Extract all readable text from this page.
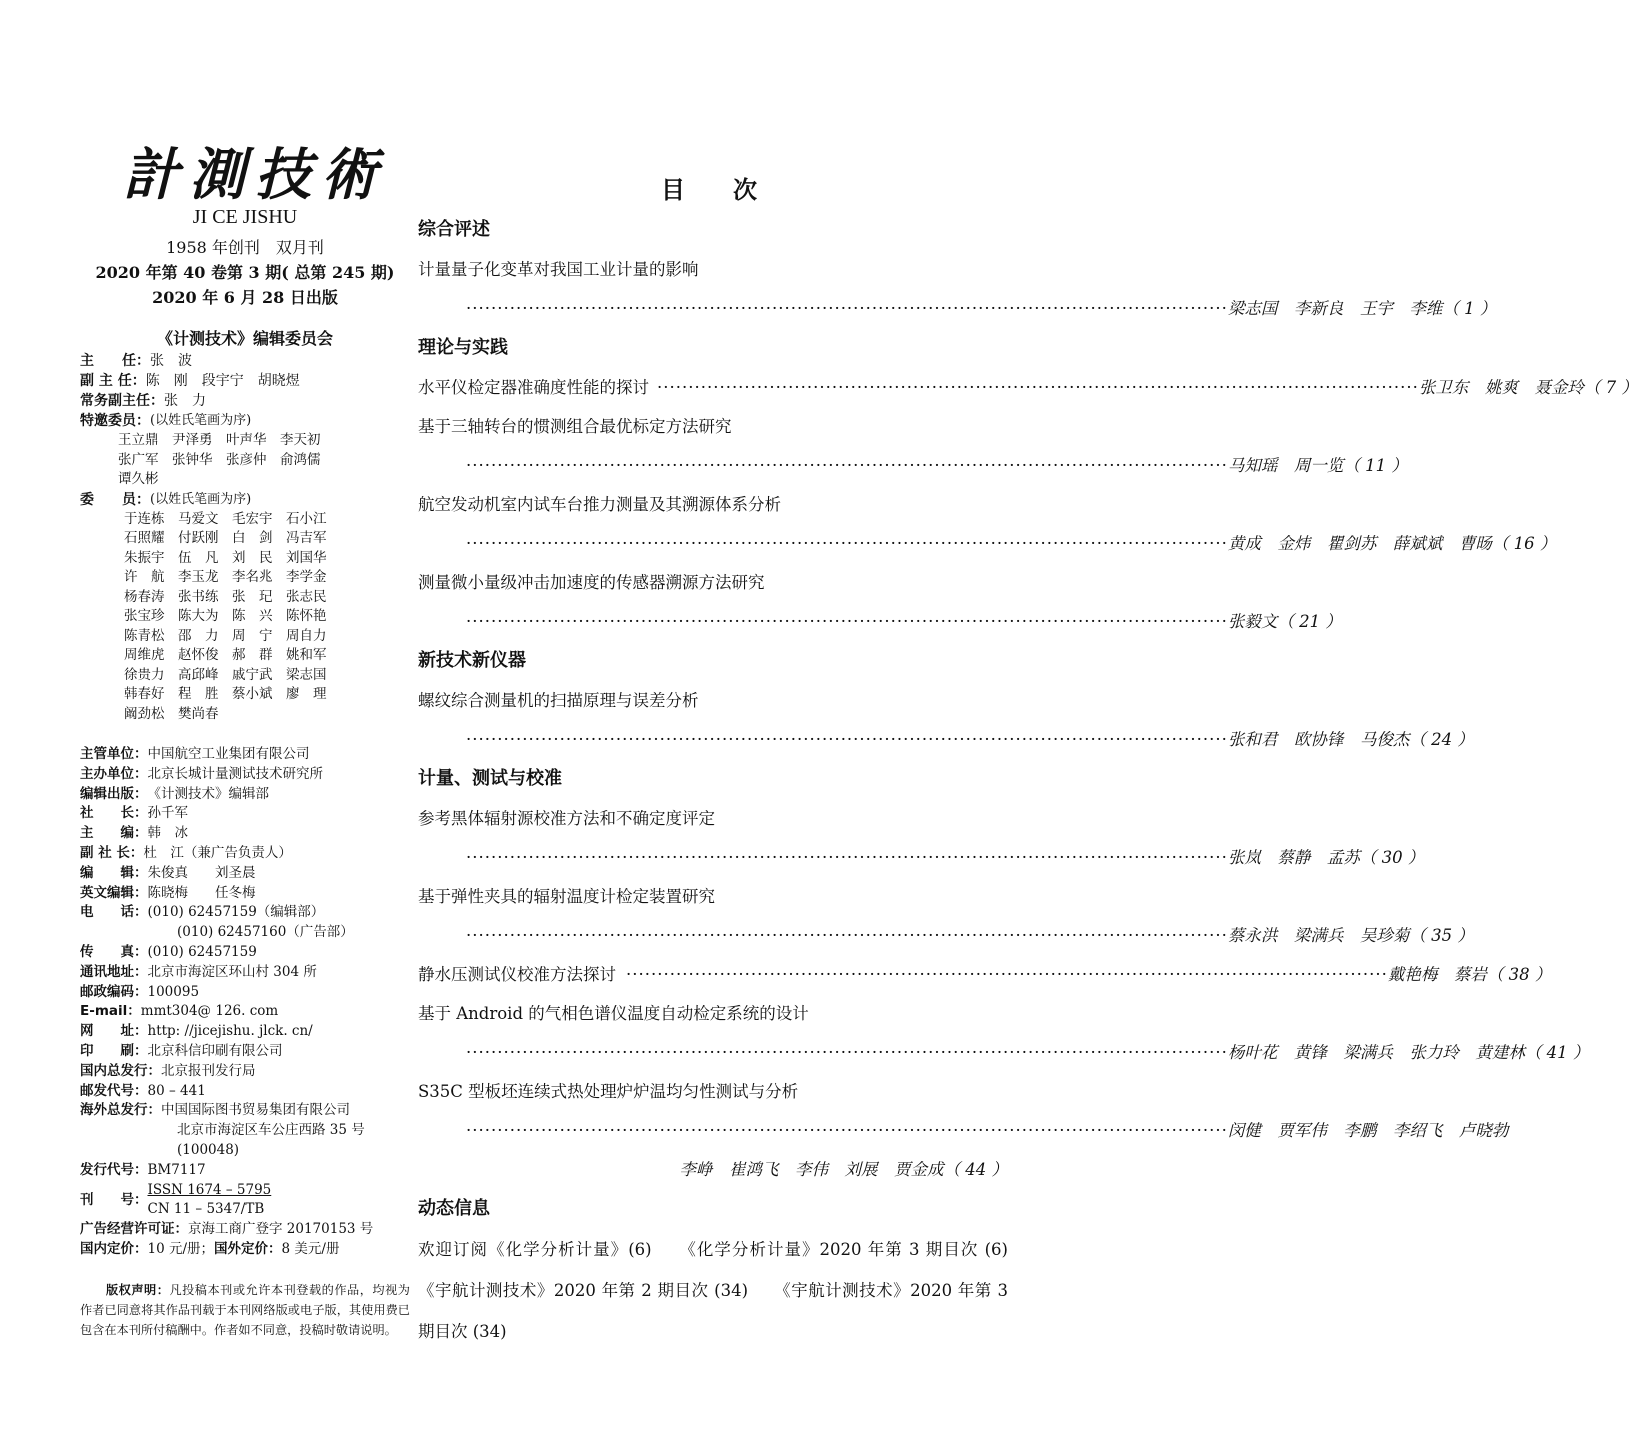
計測技術
JI CE JISHU
1958 年创刊　双月刊
2020 年第 40 卷第 3 期( 总第 245 期)
2020 年 6 月 28 日出版
《计测技术》编辑委员会
主　　任： 张　波
副 主 任： 陈　刚　段宇宁　胡晓煜
常务副主任： 张　力
特邀委员： (以姓氏笔画为序)
王立鼎　尹泽勇　叶声华　李天初
张广军　张钟华　张彦仲　俞鸿儒
谭久彬
委　　员： (以姓氏笔画为序)
于连栋　马爱文　毛宏宇　石小江
石照耀　付跃刚　白　剑　冯吉军
朱振宇　伍　凡　刘　民　刘国华
许　航　李玉龙　李名兆　李学金
杨春涛　张书练　张　玘　张志民
张宝珍　陈大为　陈　兴　陈怀艳
陈青松　邵　力　周　宁　周自力
周维虎　赵怀俊　郝　群　姚和军
徐贵力　高邱峰　戚宁武　梁志国
韩春好　程　胜　蔡小斌　廖　理
阚劲松　樊尚春
主管单位： 中国航空工业集团有限公司
主办单位： 北京长城计量测试技术研究所
编辑出版： 《计测技术》编辑部
社　　长： 孙千军
主　　编： 韩　冰
副 社 长： 杜　江（兼广告负责人）
编　　辑： 朱俊真　　刘圣晨
英文编辑： 陈晓梅　　任冬梅
电　　话： (010) 62457159（编辑部）
(010) 62457160（广告部）
传　　真： (010) 62457159
通讯地址： 北京市海淀区环山村 304 所
邮政编码： 100095
E-mail： mmt304@ 126. com
网　　址： http: //jicejishu. jlck. cn/
印　　刷： 北京科信印刷有限公司
国内总发行： 北京报刊发行局
邮发代号： 80 – 441
海外总发行： 中国国际图书贸易集团有限公司
北京市海淀区车公庄西路 35 号
(100048)
发行代号： BM7117
刊　　号：
ISSN 1674 – 5795
CN 11 – 5347/TB
广告经营许可证： 京海工商广登字 20170153 号
国内定价： 10 元/册； 国外定价： 8 美元/册
版权声明：凡投稿本刊或允许本刊登载的作品，均视为作者已同意将其作品刊载于本刊网络版或电子版，其使用费已包含在本刊所付稿酬中。作者如不同意，投稿时敬请说明。
目次
综合评述
计量量子化变革对我国工业计量的影响
·························································································································· 梁志国　李新良　王宇　李维（ 1 ）
理论与实践
水平仪检定器准确度性能的探讨 ·························································································································· 张卫东　姚爽　聂金玲（ 7 ）
基于三轴转台的惯测组合最优标定方法研究
·························································································································· 马知瑶　周一览（ 11 ）
航空发动机室内试车台推力测量及其溯源体系分析
·························································································································· 黄成　金炜　瞿剑苏　薛斌斌　曹旸（ 16 ）
测量微小量级冲击加速度的传感器溯源方法研究
·························································································································· 张毅文（ 21 ）
新技术新仪器
螺纹综合测量机的扫描原理与误差分析
·························································································································· 张和君　欧协锋　马俊杰（ 24 ）
计量、测试与校准
参考黑体辐射源校准方法和不确定度评定
·························································································································· 张岚　蔡静　孟苏（ 30 ）
基于弹性夹具的辐射温度计检定装置研究
·························································································································· 蔡永洪　梁满兵　吴珍菊（ 35 ）
静水压测试仪校准方法探讨 ·························································································································· 戴艳梅　蔡岩（ 38 ）
基于 Android 的气相色谱仪温度自动检定系统的设计
·························································································································· 杨叶花　黄锋　梁满兵　张力玲　黄建林（ 41 ）
S35C 型板坯连续式热处理炉炉温均匀性测试与分析
·························································································································· 闵健　贾军伟　李鹏　李绍飞　卢晓勃
李峥　崔鸿飞　李伟　刘展　贾金成（ 44 ）
动态信息
欢迎订阅《化学分析计量》(6)　　《化学分析计量》2020 年第 3 期目次 (6)　　《宇航计测技术》2020 年第 2 期目次 (34)　　《宇航计测技术》2020 年第 3 期目次 (34)
